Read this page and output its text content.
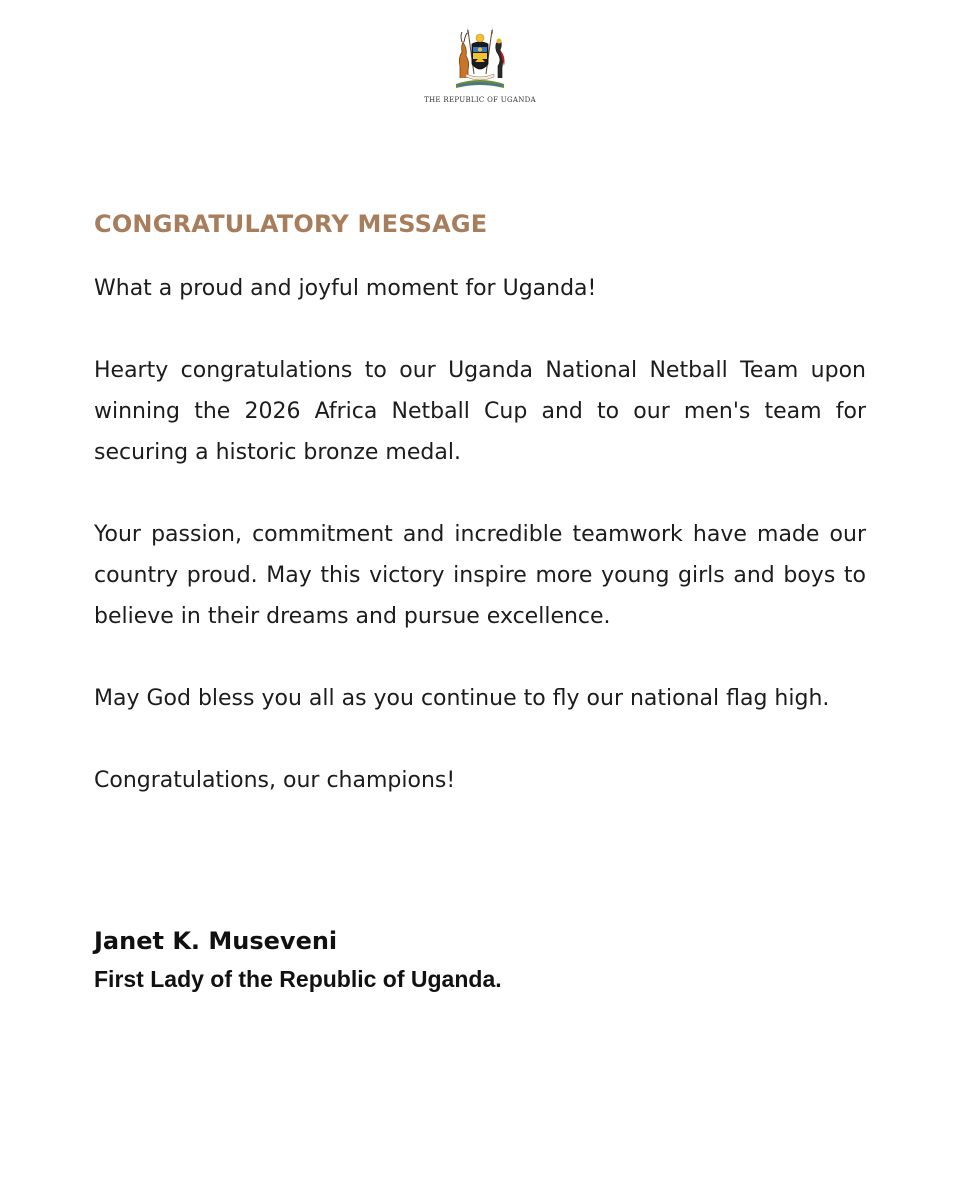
THE REPUBLIC OF UGANDA
CONGRATULATORY MESSAGE

What a proud and joyful moment for Uganda!

Hearty congratulations to our Uganda National Netball Team upon winning the 2026 Africa Netball Cup and to our men's team for securing a historic bronze medal.

Your passion, commitment and incredible teamwork have made our country proud. May this victory inspire more young girls and boys to believe in their dreams and pursue excellence.

May God bless you all as you continue to fly our national flag high.

Congratulations, our champions!

Janet K. Museveni

First Lady of the Republic of Uganda.
